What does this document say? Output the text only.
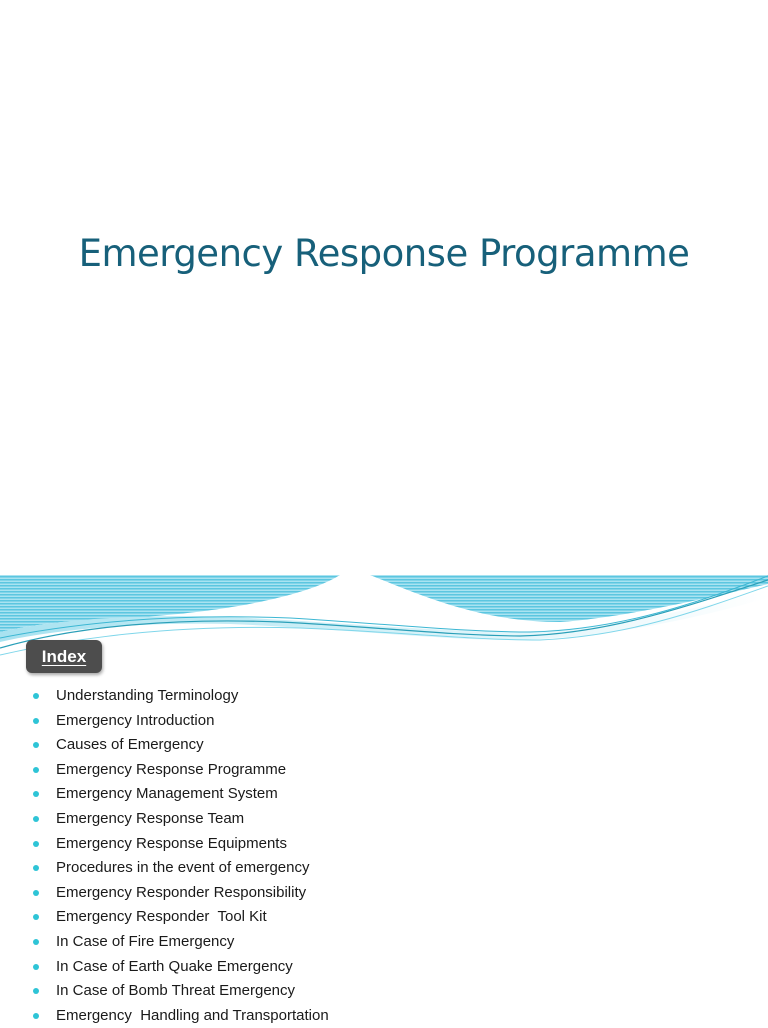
Emergency Response Programme
Index
Understanding Terminology
Emergency Introduction
Causes of Emergency
Emergency Response Programme
Emergency Management System
Emergency Response Team
Emergency Response Equipments
Procedures in the event of emergency
Emergency Responder Responsibility
Emergency Responder  Tool Kit
In Case of Fire Emergency
In Case of Earth Quake Emergency
In Case of Bomb Threat Emergency
Emergency  Handling and Transportation
